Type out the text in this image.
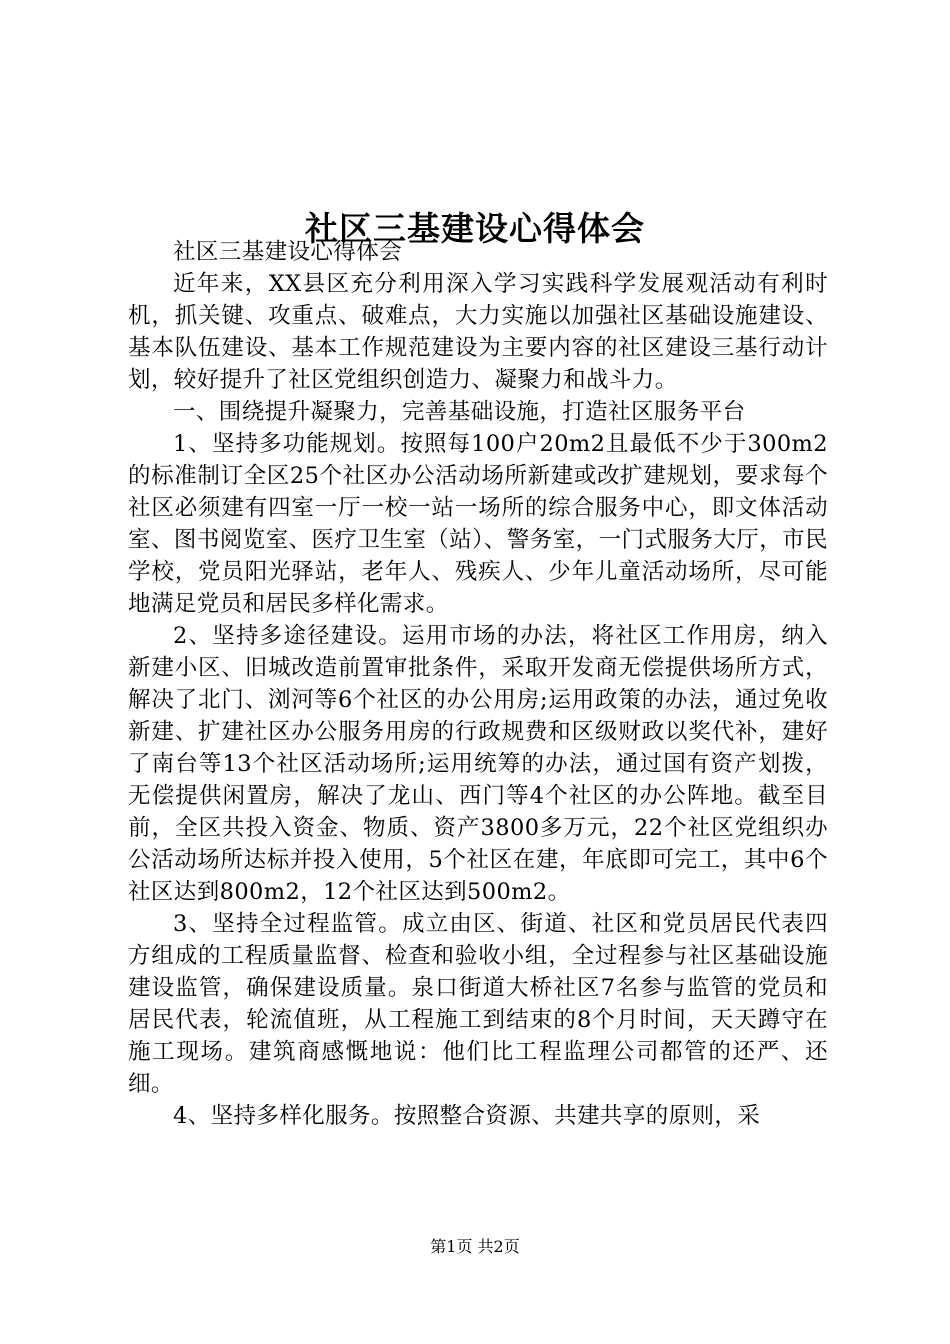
社区三基建设心得体会

社区三基建设心得体会

近年来，XX县区充分利用深入学习实践科学发展观活动有利时机，抓关键、攻重点、破难点，大力实施以加强社区基础设施建设、基本队伍建设、基本工作规范建设为主要内容的社区建设三基行动计划，较好提升了社区党组织创造力、凝聚力和战斗力。

一、围绕提升凝聚力，完善基础设施，打造社区服务平台

1、坚持多功能规划。按照每100户20m2且最低不少于300m2的标准制订全区25个社区办公活动场所新建或改扩建规划，要求每个社区必须建有四室一厅一校一站一场所的综合服务中心，即文体活动室、图书阅览室、医疗卫生室（站）、警务室，一门式服务大厅，市民学校，党员阳光驿站，老年人、残疾人、少年儿童活动场所，尽可能地满足党员和居民多样化需求。

2、坚持多途径建设。运用市场的办法，将社区工作用房，纳入新建小区、旧城改造前置审批条件，采取开发商无偿提供场所方式，解决了北门、浏河等6个社区的办公用房;运用政策的办法，通过免收新建、扩建社区办公服务用房的行政规费和区级财政以奖代补，建好了南台等13个社区活动场所;运用统筹的办法，通过国有资产划拨，无偿提供闲置房，解决了龙山、西门等4个社区的办公阵地。截至目前，全区共投入资金、物质、资产3800多万元，22个社区党组织办公活动场所达标并投入使用，5个社区在建，年底即可完工，其中6个社区达到800m2，12个社区达到500m2。

3、坚持全过程监管。成立由区、街道、社区和党员居民代表四方组成的工程质量监督、检查和验收小组，全过程参与社区基础设施建设监管，确保建设质量。泉口街道大桥社区7名参与监管的党员和居民代表，轮流值班，从工程施工到结束的8个月时间，天天蹲守在施工现场。建筑商感慨地说：他们比工程监理公司都管的还严、还细。

4、坚持多样化服务。按照整合资源、共建共享的原则，采

第1页 共2页
